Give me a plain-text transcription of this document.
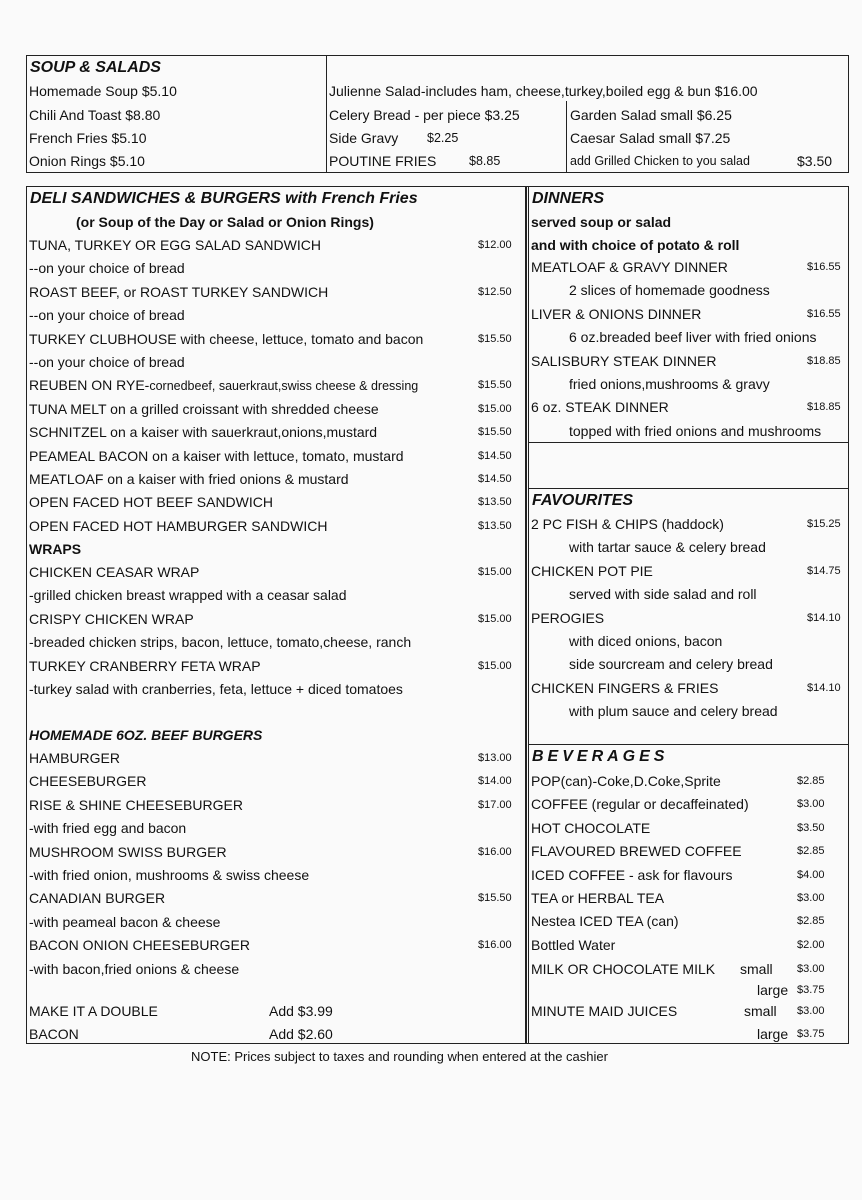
SOUP & SALADS
Homemade Soup $5.10
Chili And Toast $8.80
French Fries $5.10
Onion Rings $5.10
Julienne Salad-includes ham, cheese,turkey,boiled egg & bun $16.00
Celery Bread - per piece $3.25
Side Gravy $2.25
POUTINE FRIES	$8.85
Garden Salad small $6.25
Caesar Salad small $7.25
add Grilled Chicken to you salad	$3.50
DELI SANDWICHES & BURGERS with French Fries
(or Soup of the Day or Salad or Onion Rings)
TUNA, TURKEY OR EGG SALAD SANDWICH	$12.00
--on your choice of bread
ROAST BEEF, or ROAST TURKEY SANDWICH	$12.50
--on your choice of bread
TURKEY CLUBHOUSE with cheese, lettuce, tomato and bacon	$15.50
--on your choice of bread
REUBEN ON RYE-cornedbeef, sauerkraut,swiss cheese & dressing	$15.50
TUNA MELT on a grilled croissant with shredded cheese	$15.00
SCHNITZEL on a kaiser with sauerkraut,onions,mustard	$15.50
PEAMEAL BACON on a kaiser with lettuce, tomato, mustard	$14.50
MEATLOAF on a kaiser with fried onions & mustard	$14.50
OPEN FACED HOT BEEF SANDWICH	$13.50
OPEN FACED HOT HAMBURGER SANDWICH	$13.50
WRAPS
CHICKEN CEASAR WRAP	$15.00
-grilled chicken breast wrapped with a ceasar salad
CRISPY CHICKEN WRAP	$15.00
-breaded chicken strips, bacon, lettuce, tomato,cheese, ranch
TURKEY CRANBERRY FETA WRAP	$15.00
-turkey salad with cranberries, feta, lettuce + diced tomatoes
HOMEMADE 6OZ. BEEF BURGERS
HAMBURGER	$13.00
CHEESEBURGER	$14.00
RISE & SHINE CHEESEBURGER	$17.00
-with fried egg and bacon
MUSHROOM SWISS BURGER	$16.00
-with fried onion, mushrooms & swiss cheese
CANADIAN BURGER	$15.50
-with peameal bacon & cheese
BACON ONION CHEESEBURGER	$16.00
-with bacon,fried onions & cheese
MAKE IT A DOUBLE	Add $3.99
BACON	Add $2.60
DINNERS
served soup or salad
and with choice of potato & roll
MEATLOAF & GRAVY DINNER	$16.55
2 slices of homemade goodness
LIVER & ONIONS DINNER	$16.55
6 oz.breaded beef liver with fried onions
SALISBURY STEAK DINNER	$18.85
fried onions,mushrooms & gravy
6 oz. STEAK DINNER	$18.85
topped with fried onions and mushrooms
FAVOURITES
2 PC FISH & CHIPS (haddock)	$15.25
with tartar sauce & celery bread
CHICKEN POT PIE	$14.75
served with side salad and roll
PEROGIES	$14.10
with diced onions, bacon
side sourcream and celery bread
CHICKEN FINGERS & FRIES	$14.10
with plum sauce and celery bread
BEVERAGES
POP(can)-Coke,D.Coke,Sprite	$2.85
COFFEE (regular or decaffeinated)	$3.00
HOT CHOCOLATE	$3.50
FLAVOURED BREWED COFFEE	$2.85
ICED COFFEE - ask for flavours	$4.00
TEA or HERBAL TEA	$3.00
Nestea ICED TEA (can)	$2.85
Bottled Water	$2.00
MILK OR CHOCOLATE MILK small $3.00
large $3.75
MINUTE MAID JUICES	small $3.00
large $3.75
NOTE: Prices subject to taxes and rounding when entered at the cashier
